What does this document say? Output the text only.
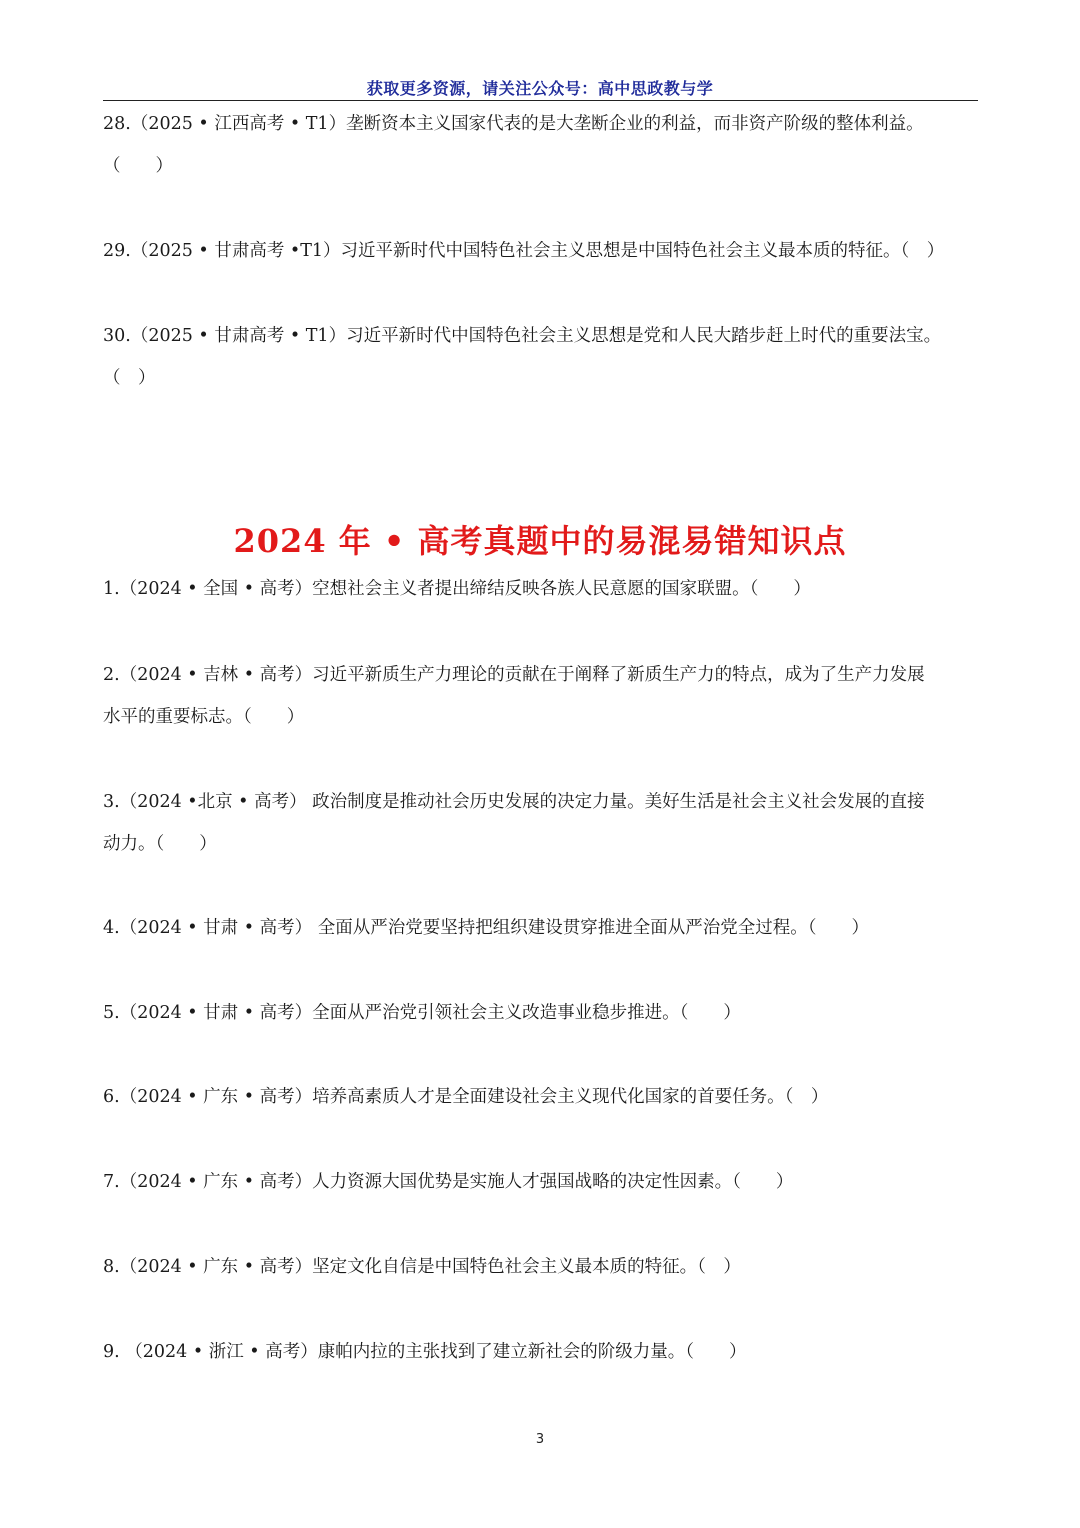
获取更多资源，请关注公众号：高中思政教与学
28.（2025 • 江西高考 • T1）垄断资本主义国家代表的是大垄断企业的利益，而非资产阶级的整体利益。
（　　）
29.（2025 • 甘肃高考 •T1）习近平新时代中国特色社会主义思想是中国特色社会主义最本质的特征。（　）
30.（2025 • 甘肃高考 • T1）习近平新时代中国特色社会主义思想是党和人民大踏步赶上时代的重要法宝。
（　）
2024 年 • 高考真题中的易混易错知识点
1.（2024 • 全国 • 高考）空想社会主义者提出缔结反映各族人民意愿的国家联盟。（　　）
2.（2024 • 吉林 • 高考）习近平新质生产力理论的贡献在于阐释了新质生产力的特点，成为了生产力发展
水平的重要标志。（　　）
3.（2024 •北京 • 高考） 政治制度是推动社会历史发展的决定力量。美好生活是社会主义社会发展的直接
动力。（　　）
4.（2024 • 甘肃 • 高考） 全面从严治党要坚持把组织建设贯穿推进全面从严治党全过程。（　　）
5.（2024 • 甘肃 • 高考）全面从严治党引领社会主义改造事业稳步推进。（　　）
6.（2024 • 广东 • 高考）培养高素质人才是全面建设社会主义现代化国家的首要任务。（　）
7.（2024 • 广东 • 高考）人力资源大国优势是实施人才强国战略的决定性因素。（　　）
8.（2024 • 广东 • 高考）坚定文化自信是中国特色社会主义最本质的特征。（　）
9. （2024 • 浙江 • 高考）康帕内拉的主张找到了建立新社会的阶级力量。（　　）
3
